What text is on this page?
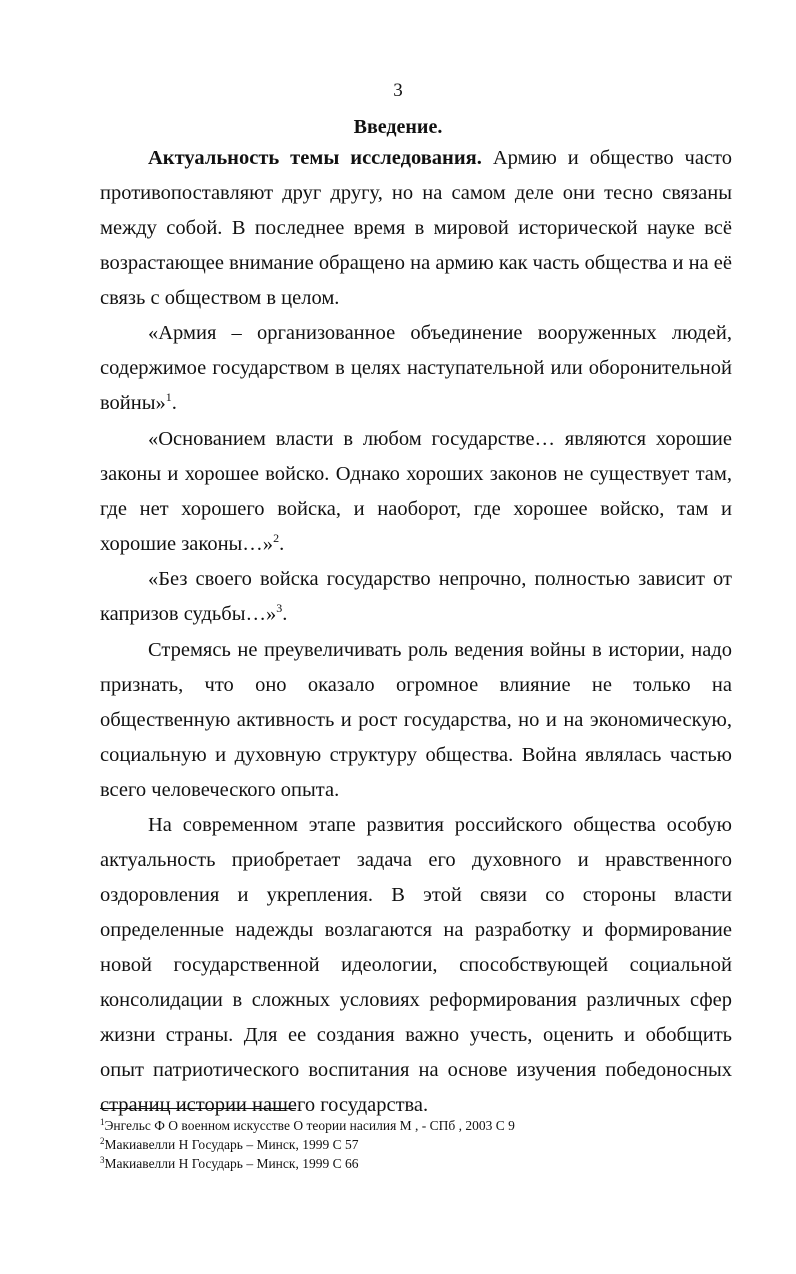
3
Введение.

Актуальность темы исследования. Армию и общество часто противопоставляют друг другу, но на самом деле они тесно связаны между собой. В последнее время в мировой исторической науке всё возрастающее внимание обращено на армию как часть общества и на её связь с обществом в целом.

«Армия – организованное объединение вооруженных людей, содержимое государством в целях наступательной или оборонительной войны»$^1$.

«Основанием власти в любом государстве… являются хорошие законы и хорошее войско. Однако хороших законов не существует там, где нет хорошего войска, и наоборот, где хорошее войско, там и хорошие законы…»$^2$.

«Без своего войска государство непрочно, полностью зависит от капризов судьбы…»$^3$.

Стремясь не преувеличивать роль ведения войны в истории, надо признать, что оно оказало огромное влияние не только на общественную активность и рост государства, но и на экономическую, социальную и духовную структуру общества. Война являлась частью всего человеческого опыта.

На современном этапе развития российского общества особую актуальность приобретает задача его духовного и нравственного оздоровления и укрепления. В этой связи со стороны власти определенные надежды возлагаются на разработку и формирование новой государственной идеологии, способствующей социальной консолидации в сложных условиях реформирования различных сфер жизни страны. Для ее создания важно учесть, оценить и обобщить опыт патриотического воспитания на основе изучения победоносных страниц истории нашего государства.

$^1$Энгельс Ф О военном искусстве О теории насилия М , - СПб , 2003 С 9
$^2$Макиавелли Н Государь – Минск, 1999 С 57
$^3$Макиавелли Н Государь – Минск, 1999 С 66
